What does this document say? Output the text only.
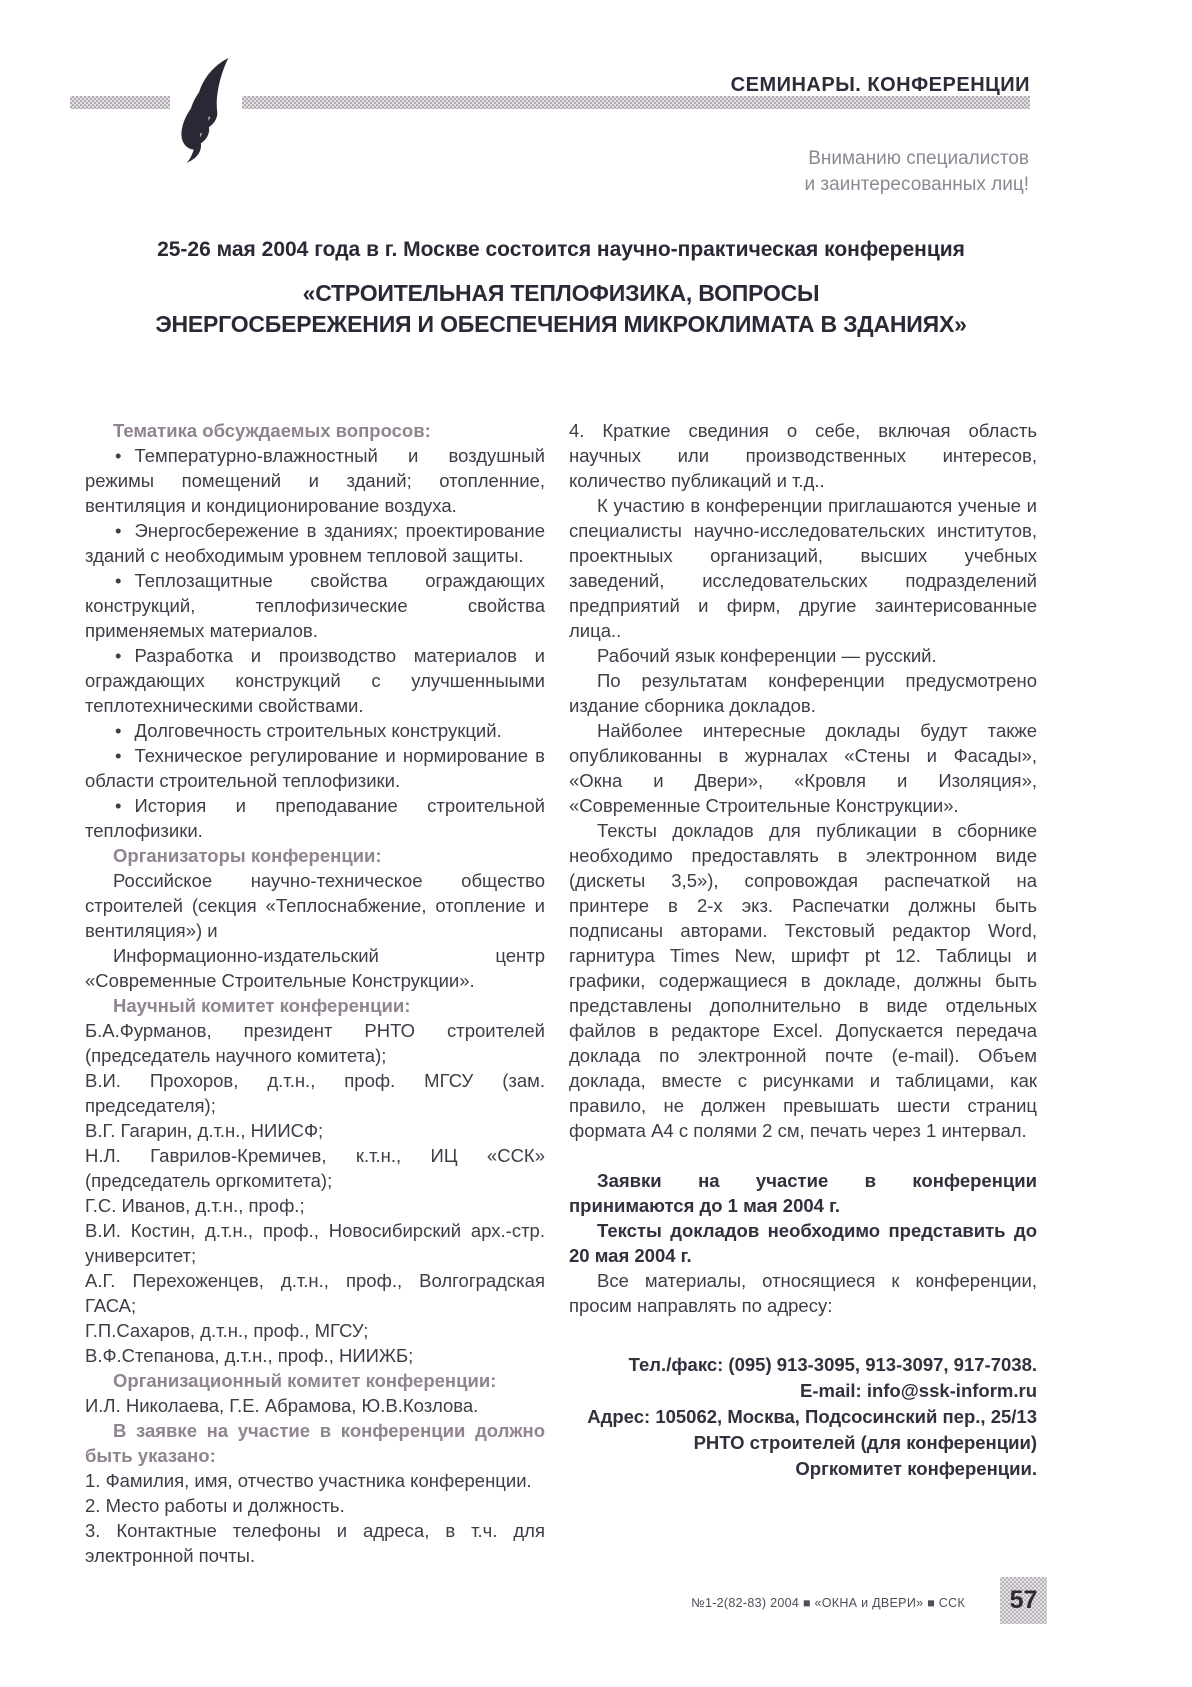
СЕМИНАРЫ. КОНФЕРЕНЦИИ
Вниманию специалистов
и заинтересованных лиц!

25-26 мая 2004 года в г. Москве состоится научно-практическая конференция

«СТРОИТЕЛЬНАЯ ТЕПЛОФИЗИКА, ВОПРОСЫ

ЭНЕРГОСБЕРЕЖЕНИЯ И ОБЕСПЕЧЕНИЯ МИКРОКЛИМАТА В ЗДАНИЯХ»

Тематика обсуждаемых вопросов:

• Температурно-влажностный и воздушный режимы помещений и зданий; отопленние, вентиляция и кондиционирование воздуха.
• Энергосбережение в зданиях; проектирование зданий с необходимым уровнем тепловой защиты.
• Теплозащитные свойства ограждающих конструкций, теплофизические свойства применяемых материалов.
• Разработка и производство материалов и ограждающих конструкций с улучшенныыми теплотехническими свойствами.
• Долговечность строительных конструкций.
• Техническое регулирование и нормирование в области строительной теплофизики.
• История и преподавание строительной теплофизики.

Организаторы конференции:

Российское научно-техническое общество строителей (секция «Теплоснабжение, отопление и вентиляция») и

Информационно-издательский центр «Современные Строительные Конструкции».

Научный комитет конференции:

Б.А.Фурманов, президент РНТО строителей (председатель научного комитета);

В.И. Прохоров, д.т.н., проф. МГСУ (зам. председателя);

В.Г. Гагарин, д.т.н., НИИСФ;

Н.Л. Гаврилов-Кремичев, к.т.н., ИЦ «ССК» (председатель оргкомитета);

Г.С. Иванов, д.т.н., проф.;

В.И. Костин, д.т.н., проф., Новосибирский арх.-стр. университет;

А.Г. Перехоженцев, д.т.н., проф., Волгоградская ГАСА;

Г.П.Сахаров, д.т.н., проф., МГСУ;

В.Ф.Степанова, д.т.н., проф., НИИЖБ;

Организационный комитет конференции:

И.Л. Николаева, Г.Е. Абрамова, Ю.В.Козлова.

В заявке на участие в конференции должно быть указано:

1. Фамилия, имя, отчество участника конференции.

2. Место работы и должность.

3. Контактные телефоны и адреса, в т.ч. для электронной почты.

4. Краткие свединия о себе, включая область научных или производственных интересов, количество публикаций и т.д..

К участию в конференции приглашаются ученые и специалисты научно-исследовательских институтов, проектныых организаций, высших учебных заведений, исследовательских подразделений предприятий и фирм, другие заинтерисованные лица..

Рабочий язык конференции — русский.

По результатам конференции предусмотрено издание сборника докладов.

Найболее интересные доклады будут также опубликованны в журналах «Стены и Фасады», «Окна и Двери», «Кровля и Изоляция», «Современные Строительные Конструкции».

Тексты докладов для публикации в сборнике необходимо предоставлять в электронном виде (дискеты 3,5»), сопровождая распечаткой на принтере в 2-х экз. Распечатки должны быть подписаны авторами. Текстовый редактор Word, гарнитура Times New, шрифт pt 12. Таблицы и графики, содержащиеся в докладе, должны быть представлены дополнительно в виде отдельных файлов в редакторе Excel. Допускается передача доклада по электронной почте (e-mail). Объем доклада, вместе с рисунками и таблицами, как правило, не должен превышать шести страниц формата А4 с полями 2 см, печать через 1 интервал.

Заявки на участие в конференции принимаются до 1 мая 2004 г.

Тексты докладов необходимо представить до 20 мая 2004 г.

Все материалы, относящиеся к конференции, просим направлять по адресу:

Тел./факс: (095) 913-3095, 913-3097, 917-7038.
E-mail: info@ssk-inform.ru
Адрес: 105062, Москва, Подсосинский пер., 25/13
РНТО строителей (для конференции)
Оргкомитет конференции.
№1-2(82-83) 2004 ■ «ОКНА и ДВЕРИ» ■ ССК 57
